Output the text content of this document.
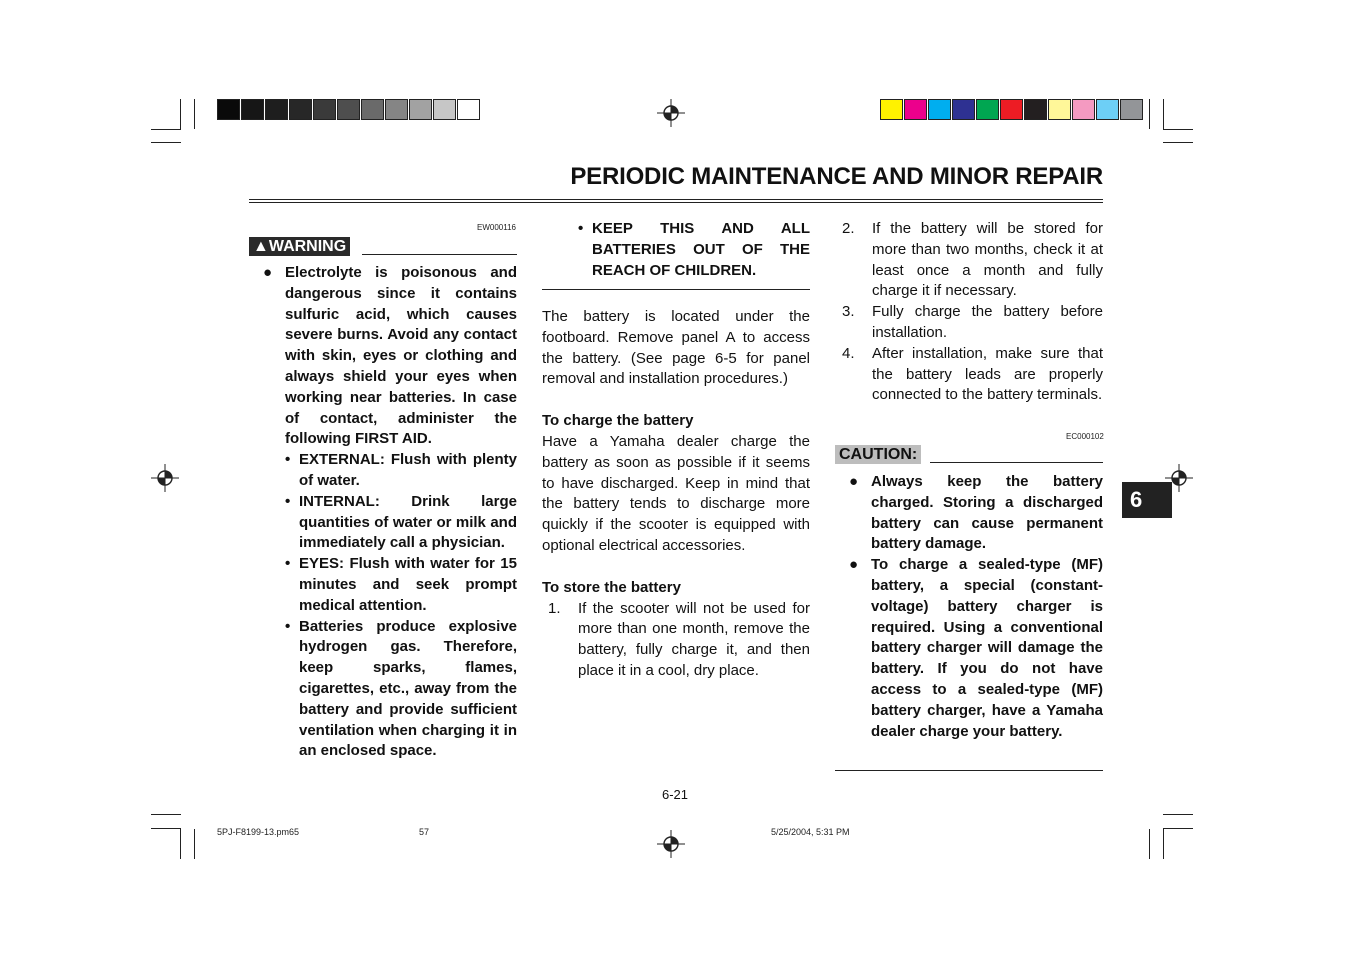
PERIODIC MAINTENANCE AND MINOR REPAIR
EW000116
▲WARNING
● Electrolyte is poisonous and dangerous since it contains sulfuric acid, which causes severe burns. Avoid any contact with skin, eyes or clothing and always shield your eyes when working near batteries. In case of contact, administer the following FIRST AID.

• EXTERNAL: Flush with plenty of water.

• INTERNAL: Drink large quantities of water or milk and immediately call a physician.

• EYES: Flush with water for 15 minutes and seek prompt medical attention.

• Batteries produce explosive hydrogen gas. Therefore, keep sparks, flames, cigarettes, etc., away from the battery and provide sufficient ventilation when charging it in an enclosed space.

• KEEP THIS AND ALL BATTERIES OUT OF THE REACH OF CHILDREN.

The battery is located under the footboard. Remove panel A to access the battery. (See page 6-5 for panel removal and installation procedures.)

To charge the battery

Have a Yamaha dealer charge the battery as soon as possible if it seems to have discharged. Keep in mind that the battery tends to discharge more quickly if the scooter is equipped with optional electrical accessories.

To store the battery

1. If the scooter will not be used for more than one month, remove the battery, fully charge it, and then place it in a cool, dry place.

2. If the battery will be stored for more than two months, check it at least once a month and fully charge it if necessary.

3. Fully charge the battery before installation.

4. After installation, make sure that the battery leads are properly connected to the battery terminals.

EC000102
CAUTION:
● Always keep the battery charged. Storing a discharged battery can cause permanent battery damage.

● To charge a sealed-type (MF) battery, a special (constant-voltage) battery charger is required. Using a conventional battery charger will damage the battery. If you do not have access to a sealed-type (MF) battery charger, have a Yamaha dealer charge your battery.

6
6-21
5PJ-F8199-13.pm65	57	5/25/2004, 5:31 PM
